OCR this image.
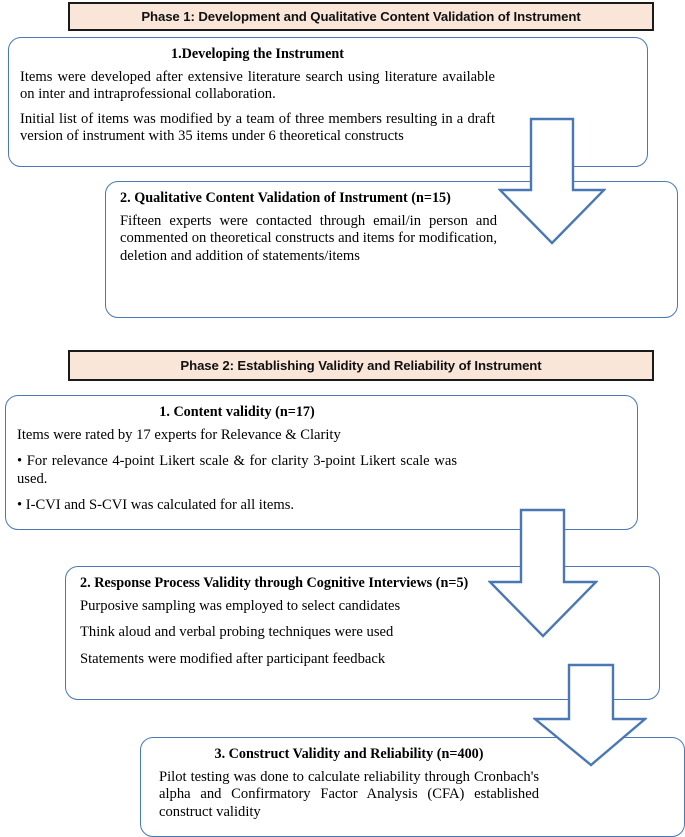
Phase 1: Development and Qualitative Content Validation of Instrument
1.Developing the Instrument

Items were developed after extensive literature search using literature available on inter and intraprofessional collaboration.

Initial list of items was modified by a team of three members resulting in a draft version of instrument with 35 items under 6 theoretical constructs

2. Qualitative Content Validation of Instrument (n=15)

Fifteen experts were contacted through email/in person and commented on theoretical constructs and items for modification, deletion and addition of statements/items

Phase 2: Establishing Validity and Reliability of Instrument
1. Content validity (n=17)

Items were rated by 17 experts for Relevance & Clarity

• For relevance 4-point Likert scale & for clarity 3-point Likert scale was used.

• I-CVI and S-CVI was calculated for all items.

2. Response Process Validity through Cognitive Interviews (n=5)

Purposive sampling was employed to select candidates

Think aloud and verbal probing techniques were used

Statements were modified after participant feedback

3. Construct Validity and Reliability (n=400)

Pilot testing was done to calculate reliability through Cronbach's alpha and Confirmatory Factor Analysis (CFA) established construct validity
